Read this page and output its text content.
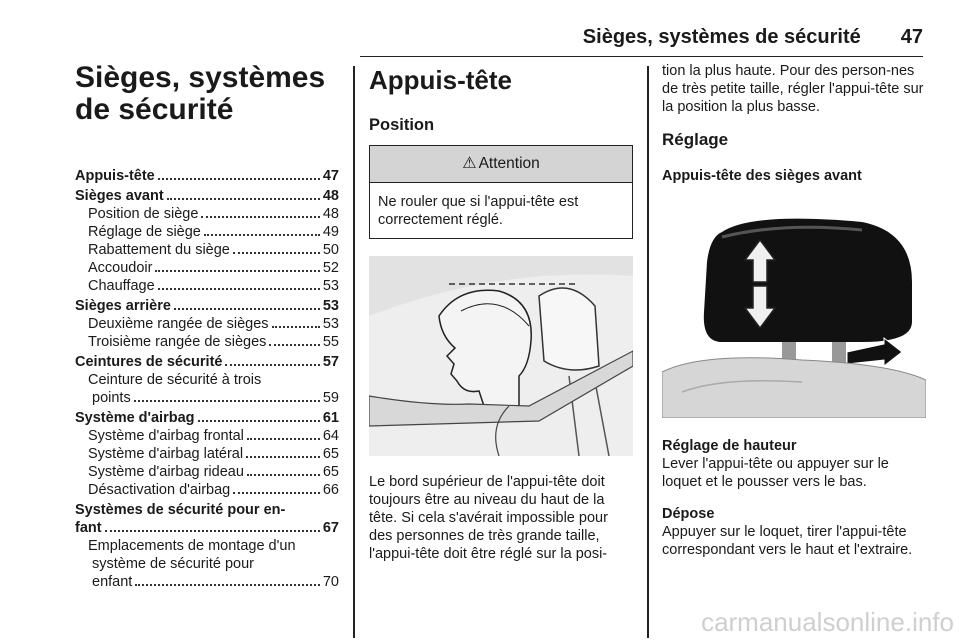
Sièges, systèmes de sécurité 47
Sièges, systèmes
de sécurité
Appuis-tête	47
Sièges avant	48
Position de siège	48
Réglage de siège	49
Rabattement du siège	50
Accoudoir	52
Chauffage	53
Sièges arrière	53
Deuxième rangée de sièges	53
Troisième rangée de sièges	55
Ceintures de sécurité	57
Ceinture de sécurité à trois
points	59
Système d'airbag	61
Système d'airbag frontal	64
Système d'airbag latéral	65
Système d'airbag rideau	65
Désactivation d'airbag	66
Systèmes de sécurité pour en-
fant	67
Emplacements de montage d'un
système de sécurité pour
enfant	70
Appuis-tête
Position
⚠ Attention
Ne rouler que si l'appui-tête est correctement réglé.

Le bord supérieur de l'appui-tête doit toujours être au niveau du haut de la tête. Si cela s'avérait impossible pour des personnes de très grande taille, l'appui-tête doit être réglé sur la posi-

tion la plus haute. Pour des person-nes de très petite taille, régler l'appui-tête sur la position la plus basse.

Réglage
Appuis-tête des sièges avant
Réglage de hauteur

Lever l'appui-tête ou appuyer sur le loquet et le pousser vers le bas.

Dépose

Appuyer sur le loquet, tirer l'appui-tête correspondant vers le haut et l'extraire.

carmanualsonline.info
